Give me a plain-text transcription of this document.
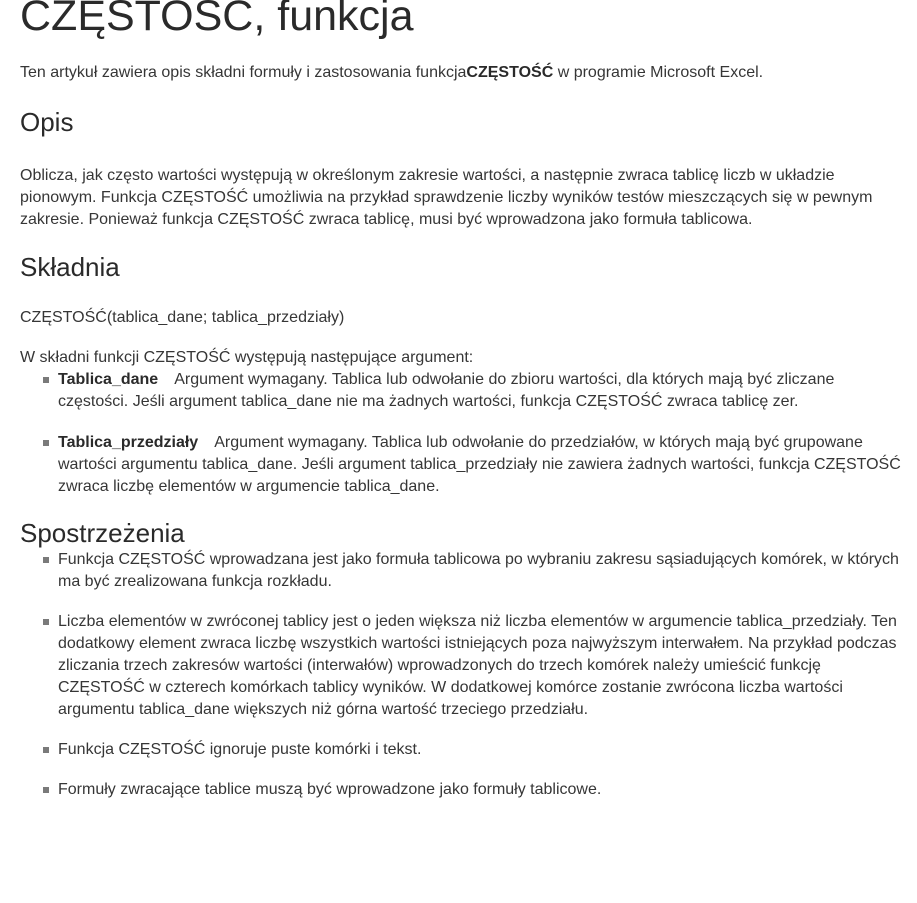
CZĘSTOSC, funkcja

Ten artykuł zawiera opis składni formuły i zastosowania funkcjaCZĘSTOŚĆ w programie Microsoft Excel.

Opis
Oblicza, jak często wartości występują w określonym zakresie wartości, a następnie zwraca tablicę liczb w układzie pionowym. Funkcja CZĘSTOŚĆ umożliwia na przykład sprawdzenie liczby wyników testów mieszczących się w pewnym zakresie. Ponieważ funkcja CZĘSTOŚĆ zwraca tablicę, musi być wprowadzona jako formuła tablicowa.
Składnia
CZĘSTOŚĆ(tablica_dane; tablica_przedziały)
W składni funkcji CZĘSTOŚĆ występują następujące argument:
Tablica_dane Argument wymagany. Tablica lub odwołanie do zbioru wartości, dla których mają być zliczane częstości. Jeśli argument tablica_dane nie ma żadnych wartości, funkcja CZĘSTOŚĆ zwraca tablicę zer.
Tablica_przedziały Argument wymagany. Tablica lub odwołanie do przedziałów, w których mają być grupowane wartości argumentu tablica_dane. Jeśli argument tablica_przedziały nie zawiera żadnych wartości, funkcja CZĘSTOŚĆ zwraca liczbę elementów w argumencie tablica_dane.
Spostrzeżenia
Funkcja CZĘSTOŚĆ wprowadzana jest jako formuła tablicowa po wybraniu zakresu sąsiadujących komórek, w których ma być zrealizowana funkcja rozkładu.
Liczba elementów w zwróconej tablicy jest o jeden większa niż liczba elementów w argumencie tablica_przedziały. Ten dodatkowy element zwraca liczbę wszystkich wartości istniejących poza najwyższym interwałem. Na przykład podczas zliczania trzech zakresów wartości (interwałów) wprowadzonych do trzech komórek należy umieścić funkcję CZĘSTOŚĆ w czterech komórkach tablicy wyników. W dodatkowej komórce zostanie zwrócona liczba wartości argumentu tablica_dane większych niż górna wartość trzeciego przedziału.
Funkcja CZĘSTOŚĆ ignoruje puste komórki i tekst.
Formuły zwracające tablice muszą być wprowadzone jako formuły tablicowe.
